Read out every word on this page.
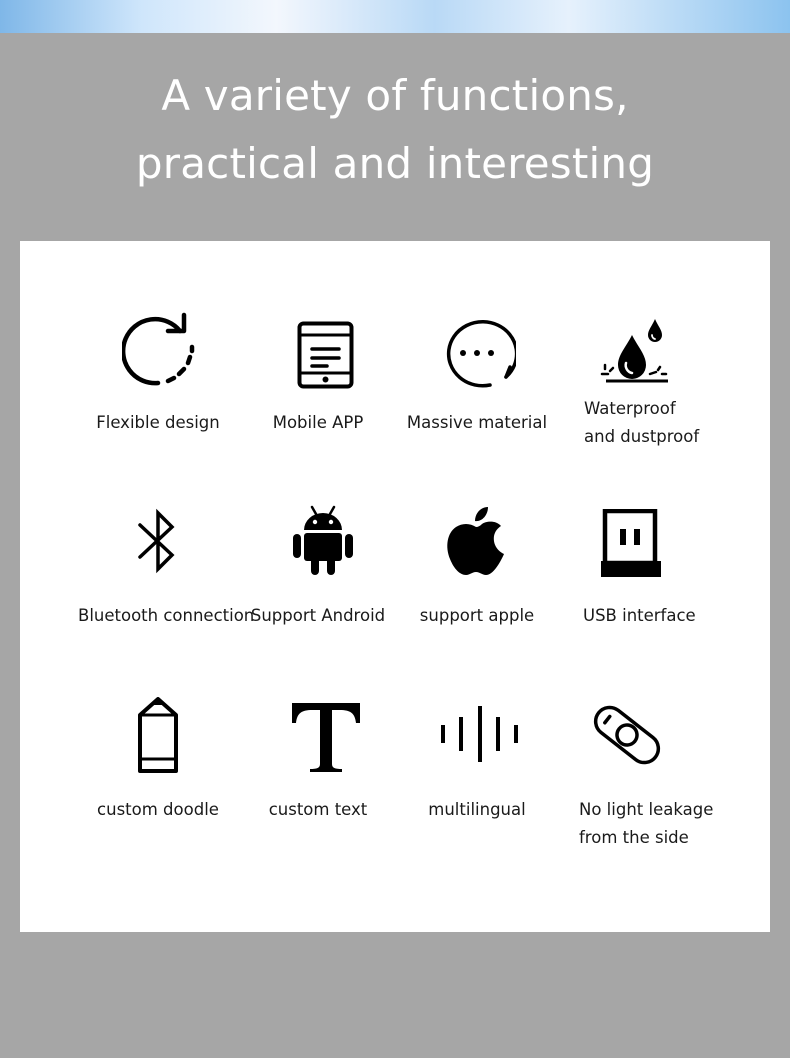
A variety of functions,
practical and interesting
Flexible design	Mobile APP	Massive material
Waterproof
and dustproof
Bluetooth connection
Support Android	support apple	USB interface
custom doodle	custom text	multilingual	No light leakage
from the side
